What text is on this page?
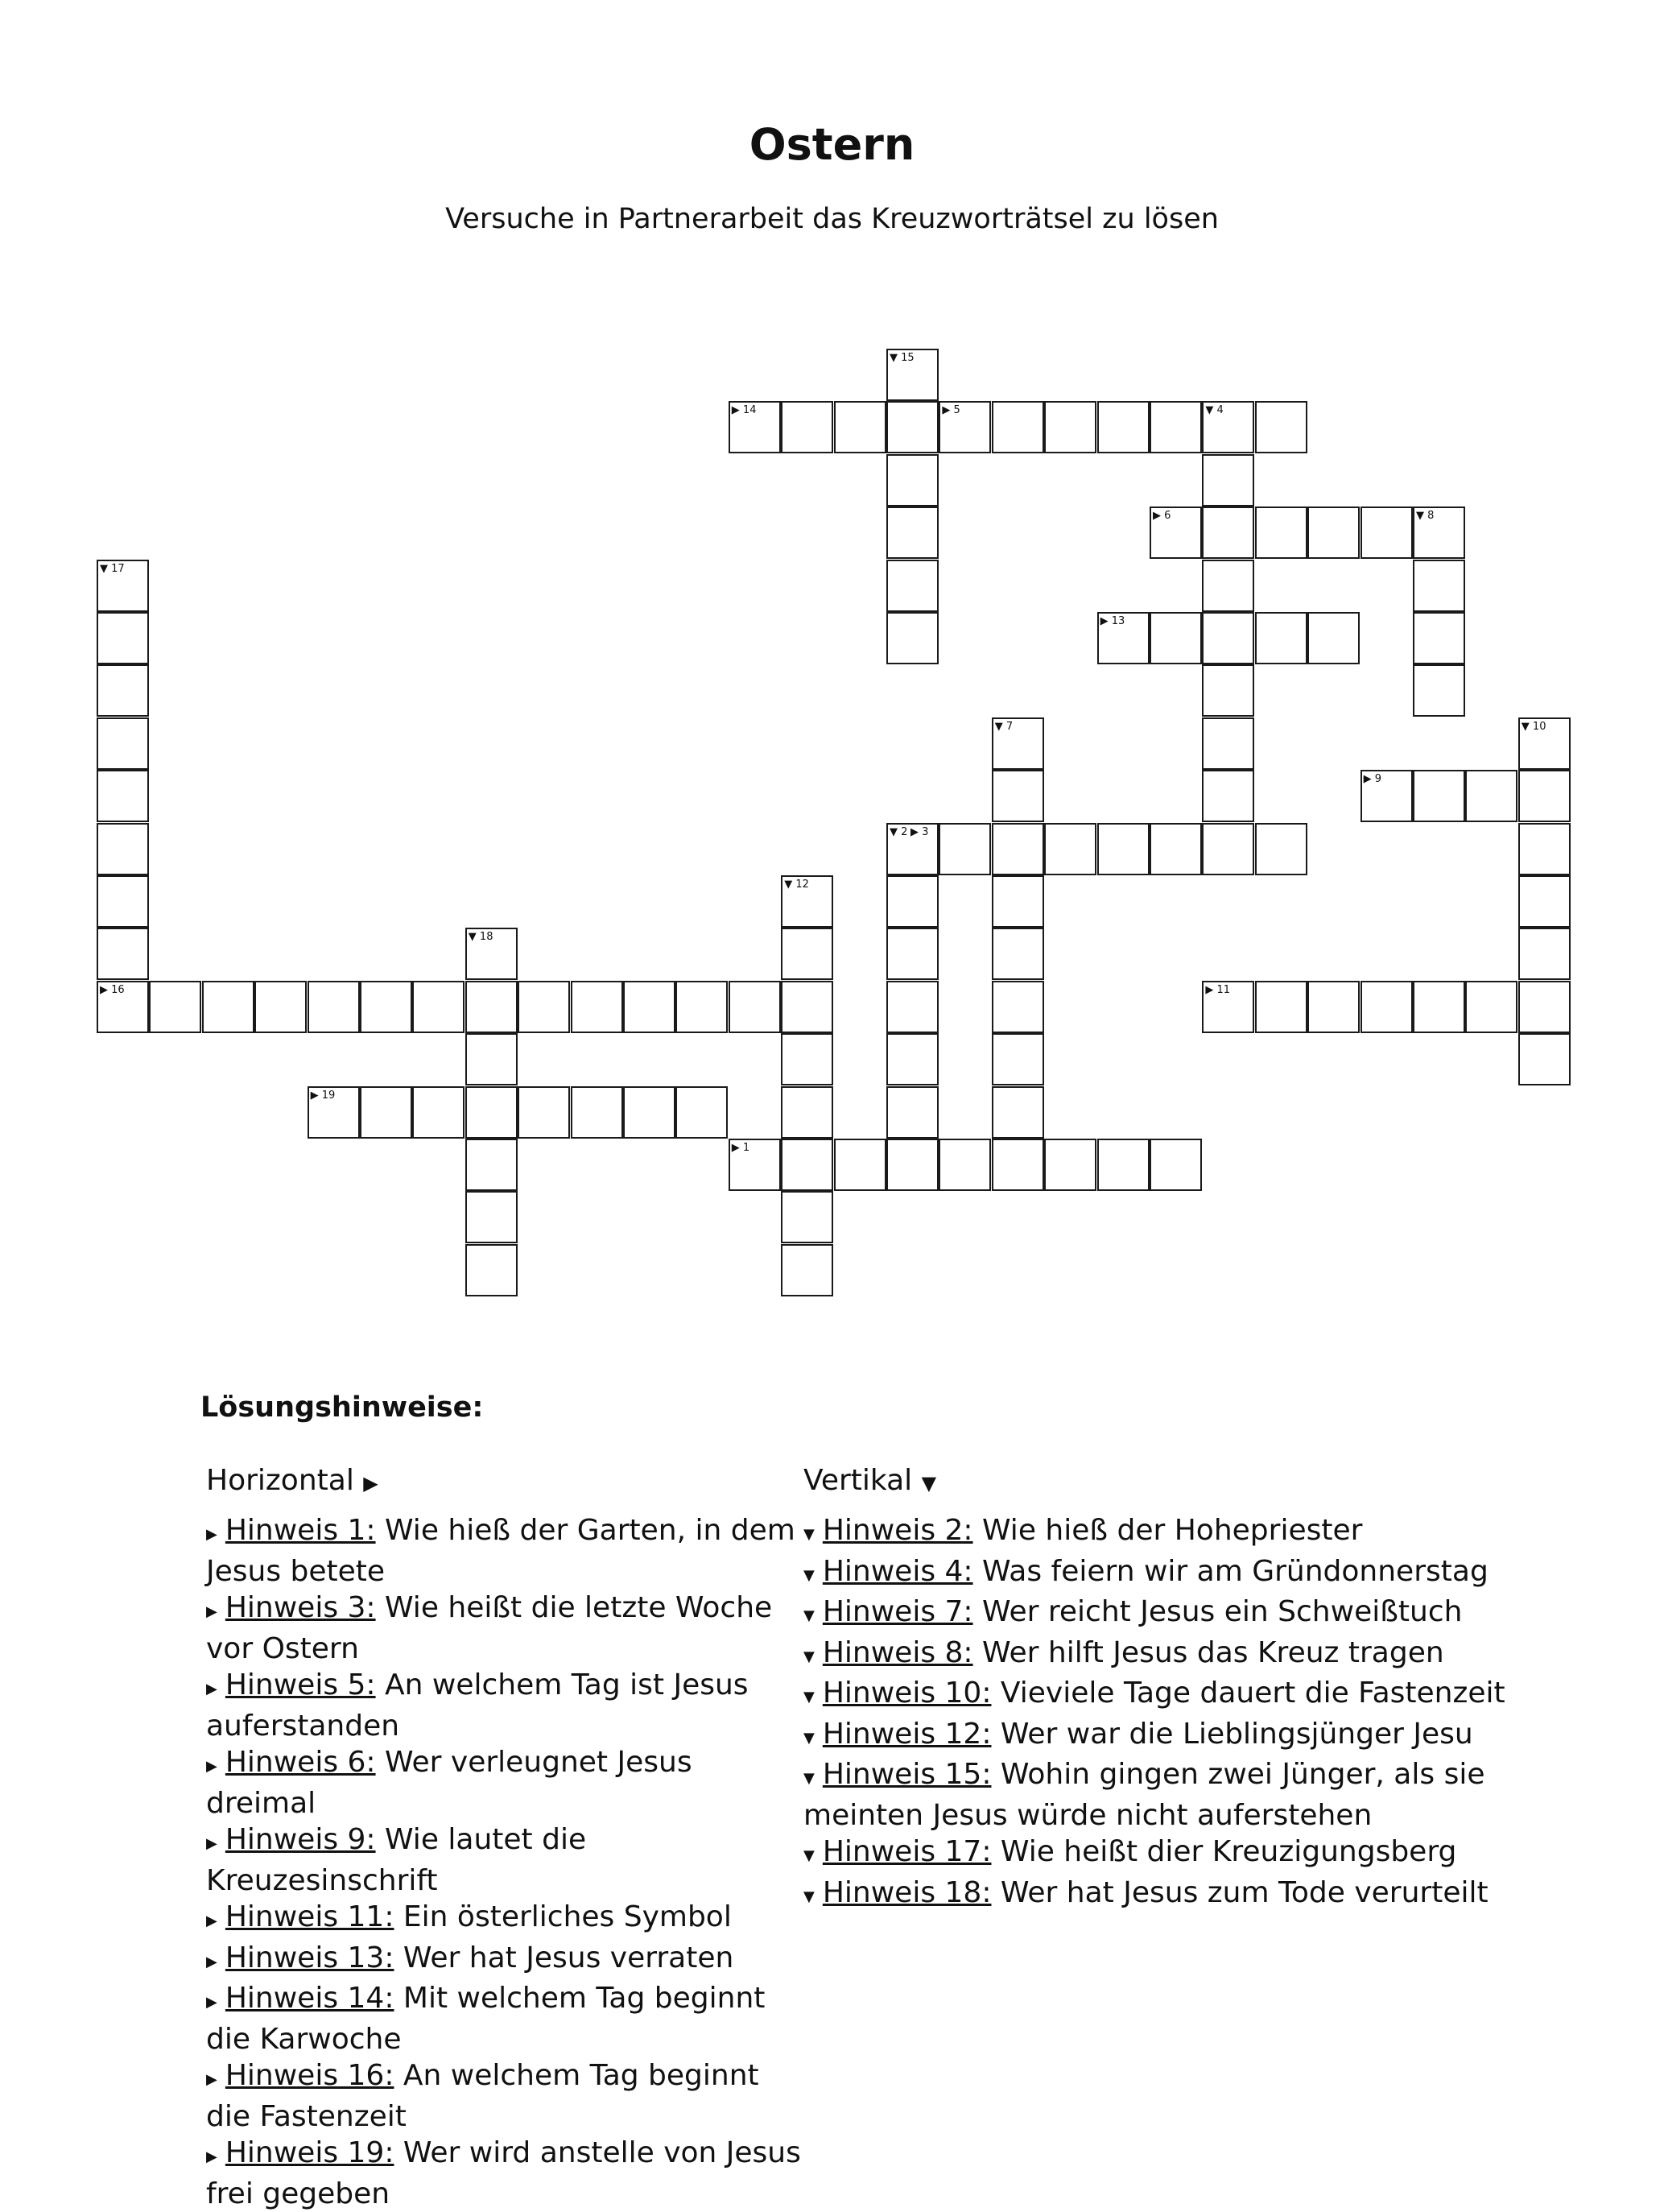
Ostern
Versuche in Partnerarbeit das Kreuzworträtsel zu lösen
▶ 1
▼ 2 ▶ 3
▼ 4
▶ 5
▶ 6
▼ 7
▼ 8
▶ 9
▼ 10
▶ 11
▼ 12
▶ 13
▶ 14
▼ 15
▶ 16
▼ 17
▼ 18
▶ 19
Lösungshinweise:
Horizontal ▶
▶ Hinweis 1: Wie hieß der Garten, in dem
Jesus betete
▶ Hinweis 3: Wie heißt die letzte Woche
vor Ostern
▶ Hinweis 5: An welchem Tag ist Jesus
auferstanden
▶ Hinweis 6: Wer verleugnet Jesus
dreimal
▶ Hinweis 9: Wie lautet die
Kreuzesinschrift
▶ Hinweis 11: Ein österliches Symbol
▶ Hinweis 13: Wer hat Jesus verraten
▶ Hinweis 14: Mit welchem Tag beginnt
die Karwoche
▶ Hinweis 16: An welchem Tag beginnt
die Fastenzeit
▶ Hinweis 19: Wer wird anstelle von Jesus
frei gegeben
Vertikal ▼
▼ Hinweis 2: Wie hieß der Hohepriester
▼ Hinweis 4: Was feiern wir am Gründonnerstag
▼ Hinweis 7: Wer reicht Jesus ein Schweißtuch
▼ Hinweis 8: Wer hilft Jesus das Kreuz tragen
▼ Hinweis 10: Vieviele Tage dauert die Fastenzeit
▼ Hinweis 12: Wer war die Lieblingsjünger Jesu
▼ Hinweis 15: Wohin gingen zwei Jünger, als sie
meinten Jesus würde nicht auferstehen
▼ Hinweis 17: Wie heißt dier Kreuzigungsberg
▼ Hinweis 18: Wer hat Jesus zum Tode verurteilt
